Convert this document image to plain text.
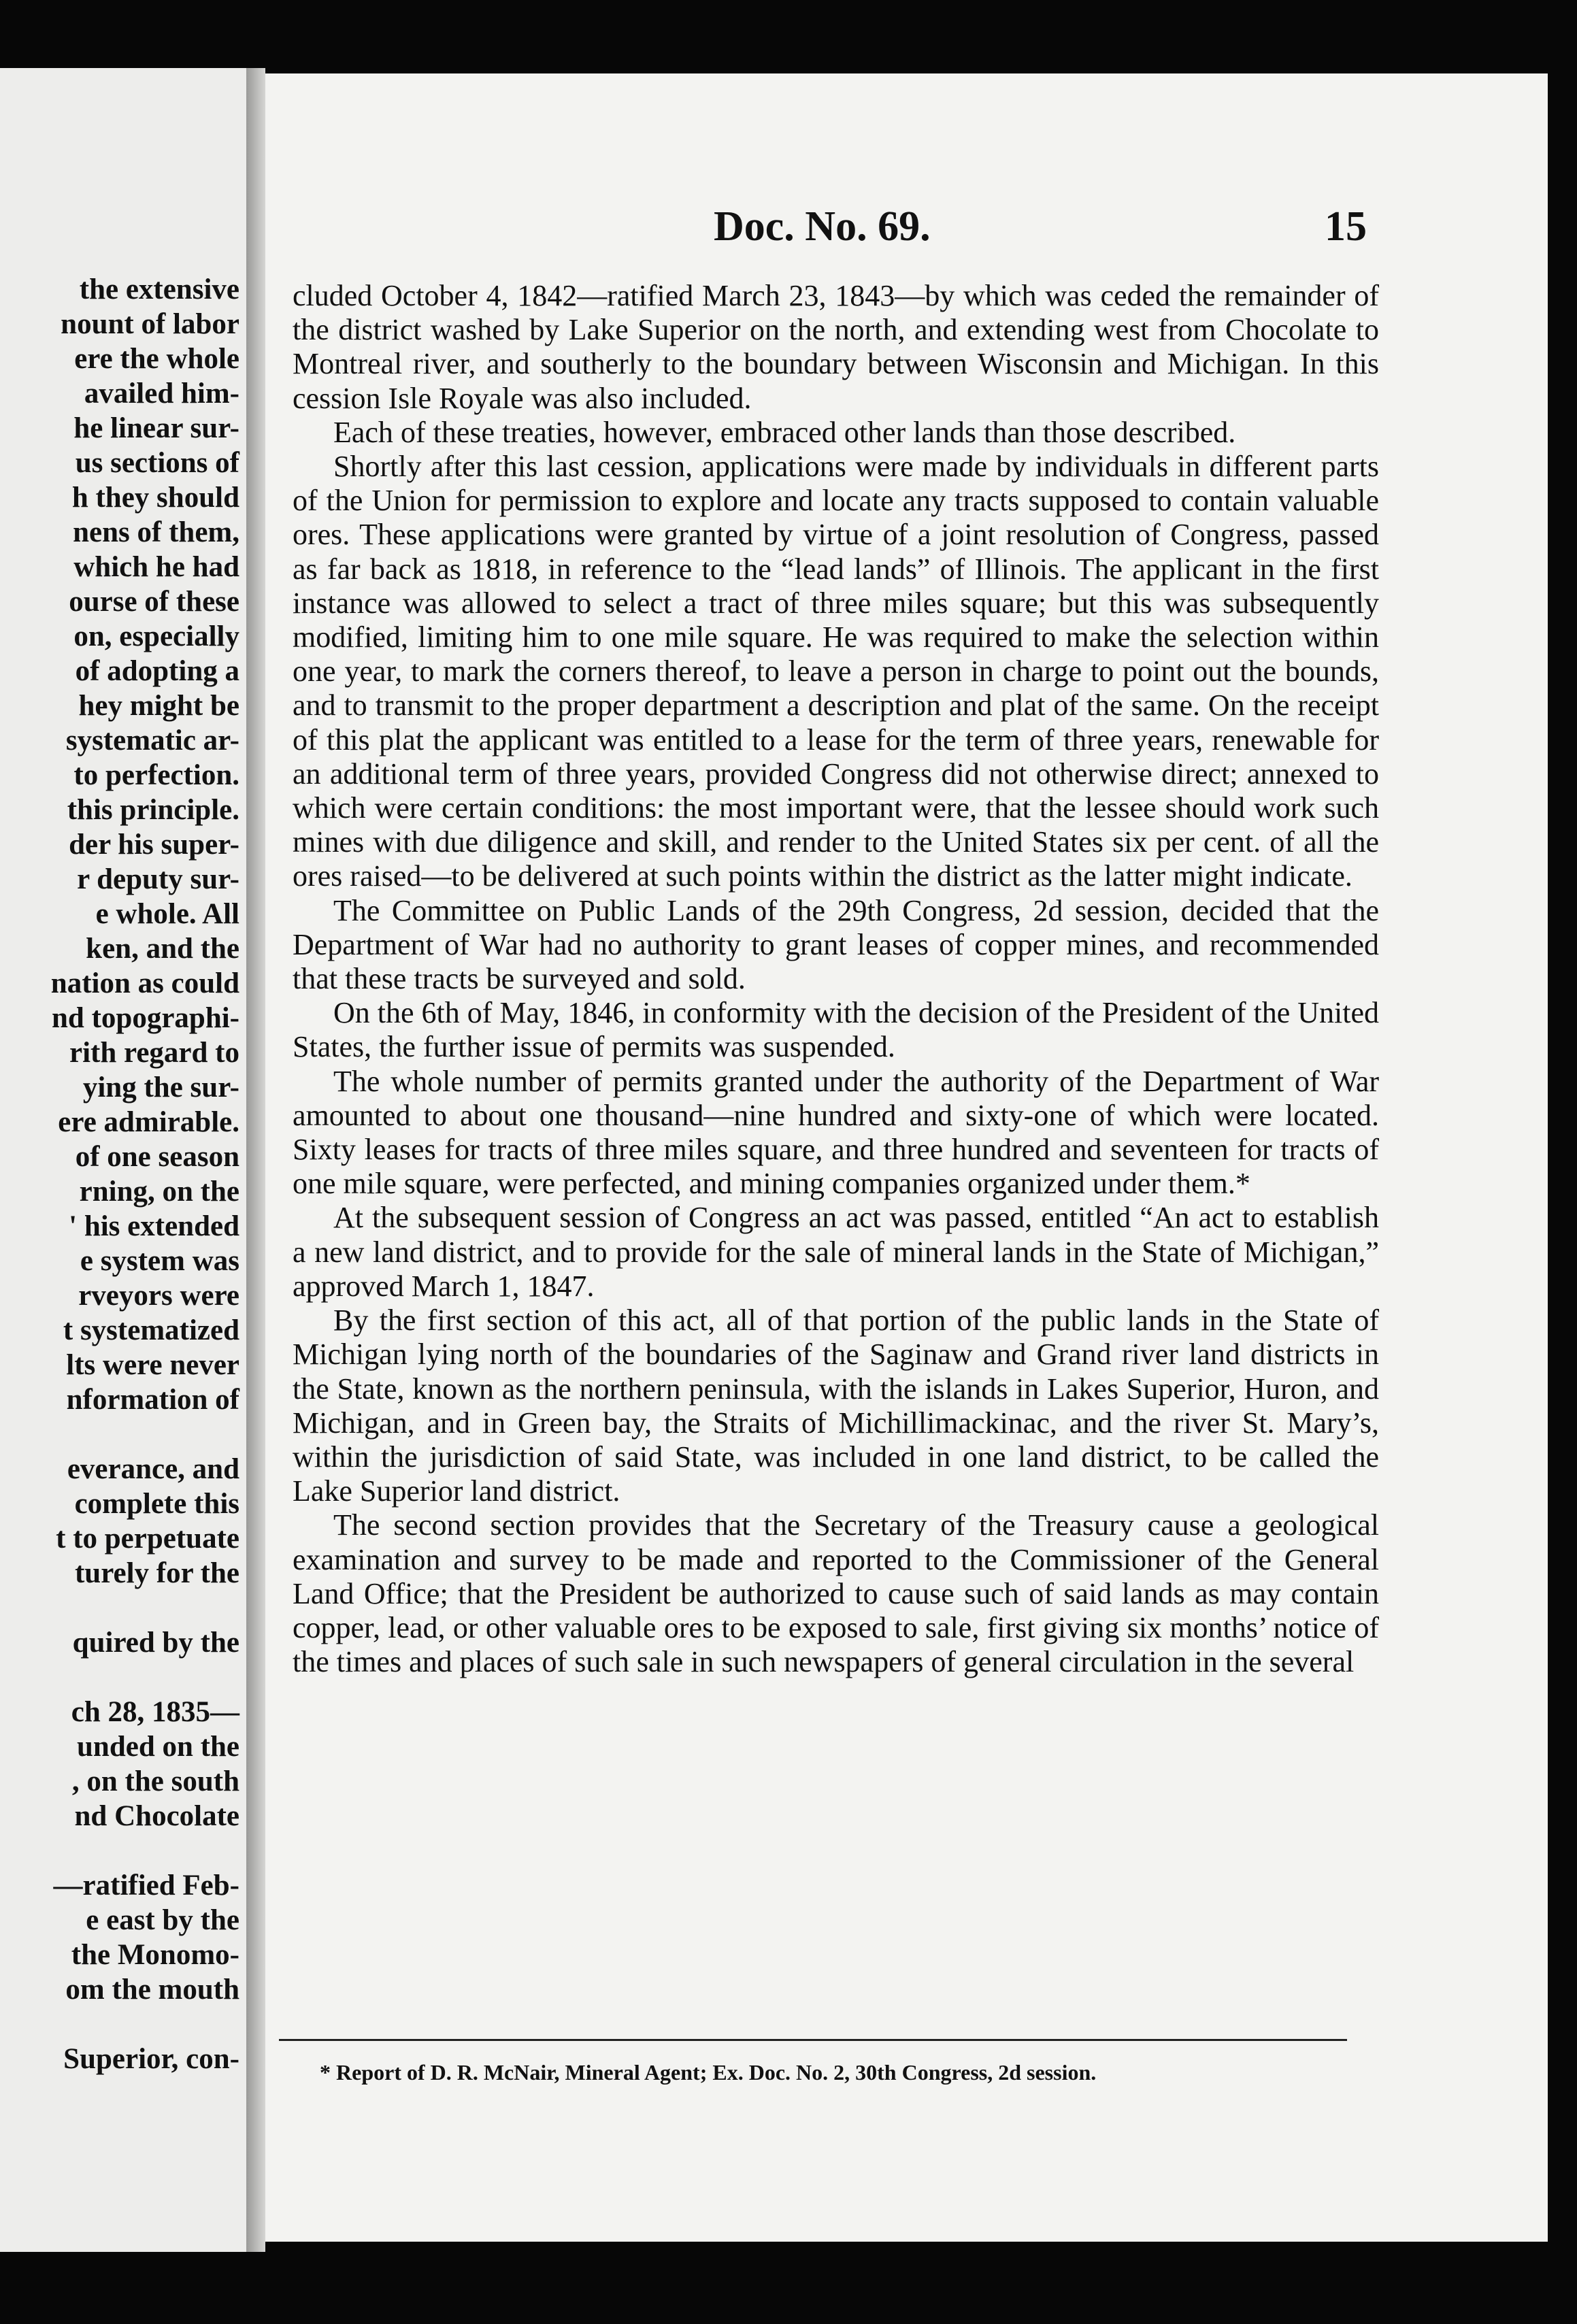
the extensive
nount of labor
ere the whole
availed him-
he linear sur-
us sections of
h they should
nens of them,
which he had
ourse of these
on, especially
of adopting a
hey might be
systematic ar-
to perfection.
this principle.
der his super-
r deputy sur-
e whole. All
ken, and the
nation as could
nd topographi-
rith regard to
ying the sur-
ere admirable.
of one season
rning, on the
' his extended
e system was
rveyors were
t systematized
lts were never
nformation of
everance, and
complete this
t to perpetuate
turely for the
quired by the
ch 28, 1835—
unded on the
, on the south
nd Chocolate
—ratified Feb-
e east by the
the Monomo-
om the mouth
Superior, con-
Doc. No. 69.	15

cluded October 4, 1842—ratified March 23, 1843—by which was ceded the remainder of the district washed by Lake Superior on the north, and extending west from Chocolate to Montreal river, and southerly to the boundary between Wisconsin and Michigan. In this cession Isle Royale was also included.

Each of these treaties, however, embraced other lands than those described.

Shortly after this last cession, applications were made by individuals in different parts of the Union for permission to explore and locate any tracts supposed to contain valuable ores. These applications were granted by virtue of a joint resolution of Congress, passed as far back as 1818, in reference to the “lead lands” of Illinois. The applicant in the first instance was allowed to select a tract of three miles square; but this was subsequently modified, limiting him to one mile square. He was required to make the selection within one year, to mark the corners thereof, to leave a person in charge to point out the bounds, and to transmit to the proper department a description and plat of the same. On the receipt of this plat the applicant was entitled to a lease for the term of three years, renewable for an additional term of three years, provided Congress did not otherwise direct; annexed to which were certain conditions: the most important were, that the lessee should work such mines with due diligence and skill, and render to the United States six per cent. of all the ores raised—to be delivered at such points within the district as the latter might indicate.

The Committee on Public Lands of the 29th Congress, 2d session, decided that the Department of War had no authority to grant leases of copper mines, and recommended that these tracts be surveyed and sold.

On the 6th of May, 1846, in conformity with the decision of the President of the United States, the further issue of permits was suspended.

The whole number of permits granted under the authority of the Department of War amounted to about one thousand—nine hundred and sixty-one of which were located. Sixty leases for tracts of three miles square, and three hundred and seventeen for tracts of one mile square, were perfected, and mining companies organized under them.*

At the subsequent session of Congress an act was passed, entitled “An act to establish a new land district, and to provide for the sale of mineral lands in the State of Michigan,” approved March 1, 1847.

By the first section of this act, all of that portion of the public lands in the State of Michigan lying north of the boundaries of the Saginaw and Grand river land districts in the State, known as the northern peninsula, with the islands in Lakes Superior, Huron, and Michigan, and in Green bay, the Straits of Michillimackinac, and the river St. Mary’s, within the jurisdiction of said State, was included in one land district, to be called the Lake Superior land district.

The second section provides that the Secretary of the Treasury cause a geological examination and survey to be made and reported to the Commissioner of the General Land Office; that the President be authorized to cause such of said lands as may contain copper, lead, or other valuable ores to be exposed to sale, first giving six months’ notice of the times and places of such sale in such newspapers of general circulation in the several

* Report of D. R. McNair, Mineral Agent; Ex. Doc. No. 2, 30th Congress, 2d session.
